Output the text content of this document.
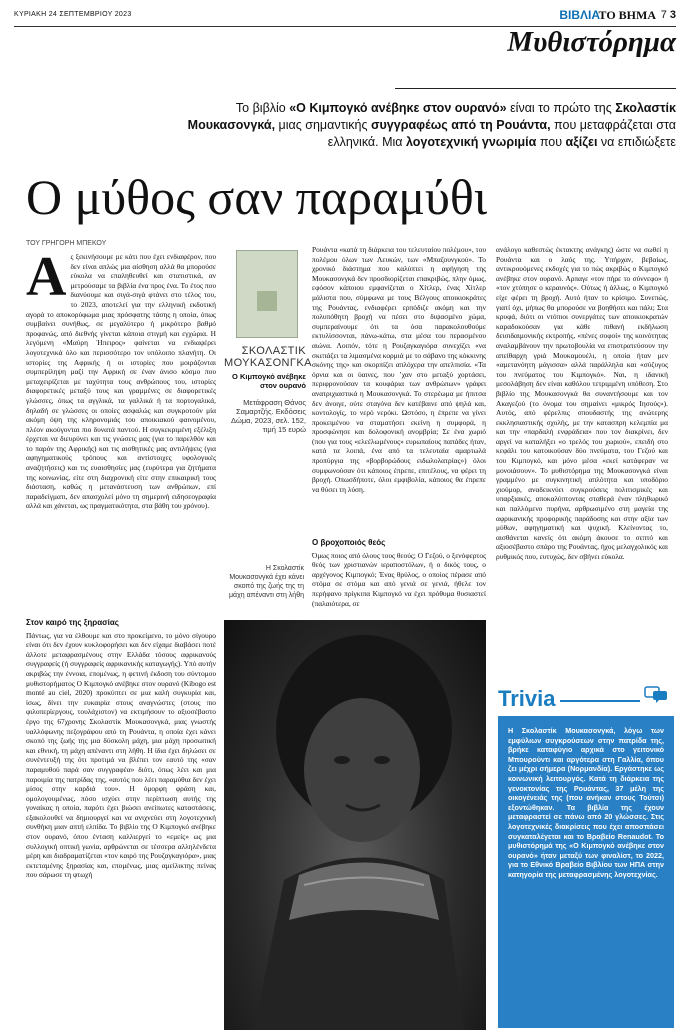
ΚΥΡΙΑΚΗ 24 ΣΕΠΤΕΜΒΡΙΟΥ 2023	ΒΙΒΛΙΑ
ΤΟ ΒΗΜΑ 7 3
Μυθιστόρημα
Το βιβλίο «Ο Κιμπογκό ανέβηκε στον ουρανό» είναι το πρώτο της Σκολαστίκ Μουκασονγκά, μιας σημαντικής συγγραφέως από τη Ρουάντα, που μεταφράζεται στα ελληνικά. Μια λογοτεχνική γνωριμία που αξίζει να επιδιώξετε
Ο μύθος σαν παραμύθι
ΤΟΥ ΓΡΗΓΟΡΗ ΜΠΕΚΟΥ
Ας ξεκινήσουμε με κάτι που έχει ενδιαφέρον, που δεν είναι απλώς μια αίσθηση αλλά θα μπορούσε εύκολα να επαληθευθεί και στατιστικά, αν μετρούσαμε τα βιβλία ένα προς ένα. Το έτος που διανύουμε και σιγά-σιγά φτάνει στο τέλος του, το 2023, αποτελεί για την ελληνική εκδοτική αγορά το αποκορύφωμα μιας πρόσφατης τάσης η οποία, όπως συμβαίνει συνήθως, σε μεγαλύτερο ή μικρότερο βαθμό προφανώς, από διεθνής γίνεται κάποια στιγμή και εγχώρια. Η λεγόμενη «Μαύρη Ήπειρος» φαίνεται να ενδιαφέρει λογοτεχνικά όλο και περισσότερο τον υπόλοιπο πλανήτη. Οι ιστορίες της Αφρικής ή οι ιστορίες που μοιράζονται συμπερίληψη μαζί την Αφρική σε έναν άνισο κόσμο που μεταχειρίζεται με ταχύτητα τους ανθρώπους του, ιστορίες διαφορετικές μεταξύ τους και γραμμένες σε διαφορετικές γλώσσες, όπως τα αγγλικά, τα γαλλικά ή τα πορτογαλικά, δηλαδή σε γλώσσες οι οποίες ασφαλώς και συγκροτούν μία ακόμη όψη της κληρονομιάς του αποικιακού φαινομένου, πλέον ακούγονται πιο δυνατά παντού. Η συγκεκριμένη εξέλιξη έρχεται να διευρύνει και τις γνώσεις μας (για το παρελθόν και το παρόν της Αφρικής) και τις αισθητικές μας αντιλήψεις (για αφηγηματικούς τρόπους και αντίστοιχες υφολογικές αναζητήσεις) και τις ευαισθησίες μας (ευρύτερα για ζητήματα της κοινωνίας, είτε στη διαχρονική είτε στην επικαιρική τους διάσταση, καθώς η μετανάστευση των ανθρώπων, επί παραδείγματι, δεν απασχολεί μόνο τη σημερινή ειδησεογραφία αλλά και χάνεται, ως πραγματικότητα, στα βάθη του χρόνου).
Στον καιρό της ξηρασίας
Πάντως, για να έλθουμε και στο προκείμενο, το μόνο σίγουρο είναι ότι δεν έχουν κυκλοφορήσει και δεν είχαμε διαβάσει ποτέ άλλοτε μεταφρασμένους στην Ελλάδα τόσους αφρικανούς συγγραφείς (ή συγγραφείς αφρικανικής καταγωγής). Υπό αυτήν ακριβώς την έννοια, επομένως, η φετινή έκδοση του σύντομου μυθιστορήματος Ο Κιμπογκό ανέβηκε στον ουρανό (Kibogo est monté au ciel, 2020) προκύπτει σε μια καλή συγκυρία και, ίσως, δίνει την ευκαιρία στους αναγνώστες (στους πιο φιλοπερίεργους, τουλάχιστον) να εκτιμήσουν το αξιοσέβαστο έργο της 67χρονης Σκολαστίκ Μουκασονγκά, μιας γνωστής υαλλόφωνης πεζογράφου από τη Ρουάντα, η οποία έχει κάνει σκοπό της ζωής της μια δύσκολη μάχη, μια μάχη προσωπική και εθνική, τη μάχη απέναντι στη λήθη. Η ίδια έχει δηλώσει σε συνέντευξή της ότι προτιμά να βλέπει τον εαυτό της «σαν παραμυθού παρά σαν συγγραφέα» διότι, όπως λέει και μια παροιμία της πατρίδας της, «αυτός που λέει παραμύθια δεν έχει μίσος στην καρδιά του». Η όμορφη φράση και, ομολογουμένως, πόσο ισχύει στην περίπτωση αυτής της γυναίκας η οποία, παρότι έχει βιώσει ανείπωτες καταστάσεις, εξακολουθεί να δημιουργεί και να ανιχνεύει στη λογοτεχνική συνθήκη μιαν απτή ελπίδα. Το βιβλίο της Ο Κιμπογκό ανέβηκε στον ουρανό, όπου ένταση καλλιεργεί το «εμείς» ως μια συλλογική οπτική γωνία, αρθρώνεται σε τέσσερα αλληλένδετα μέρη και διαδραματίζεται «τον καιρό της Ρουζαγκαγιόρα», μιας εκτεταμένης ξηρασίας και, επομένως, μιας αμείλικτης πείνας που σάρωσε τη φτωχή
ΣΚΟΛΑΣΤΙΚ ΜΟΥΚΑΣΟΝΓΚΑ
Ο Κιμπογκό ανέβηκε στον ουρανό
Μετάφραση Θάνος Σαμαρτζής. Εκδόσεις Δώμα, 2023, σελ. 152, τιμή 15 ευρώ
Η Σκολαστίκ Μουκασονγκά έχει κάνει σκοπό της ζωής της τη μάχη απέναντι στη λήθη
Ρουάντα «κατά τη διάρκεια του τελευταίου πολέμου», του πολέμου όλων των Λευκών, των «Μπαζουνγκού». Το χρονικό διάστημα που καλύπτει η αφήγηση της Μουκασονγκά δεν προσδιορίζεται επακριβώς, πλην όμως, εφόσον κάποιου εμφανίζεται ο Χίτλερ, ένας Χίτλερ μάλιστα που, σύμφωνα με τους Βέλγους αποικιοκράτες της Ρουάντας, ενδιαφέρει ερπόδιζε ακόμη και την πολυπόθητη βροχή να πέσει στο διψασμένο χώμα, συμπεραίνουμε ότι τα όσα παρακολουθούμε εκτυλίσσονται, πάνω-κάτω, στα μέσα του περασμένου αιώνα. Λοιπόν, τότε η Ρουζαγκαγιόρα συνεχίζει «να σκεπάζει τα λιμασμένα κορμιά με το σάβανο της κόκκινης σκόνης της» και σκορπίζει απλόχερα την απελπισία. «Τα όρνια και οι ύαινες, που ’χαν στο μεταξύ χορτάσει, περιφρονούσαν τα κουφάρια των ανθρώπων» γράφει ανατριχιαστικά η Μουκασονγκά. Το στερέωμα με ήπιτσα δεν άνοιγε, ούτε σταγόνα δεν κατέβαινε από ψηλά και, κοντολογίς, το νερό νερόκι. Ωστόσο, η έπρεπε να γίνει προκειμένου να σταματήσει εκείνη η συμφορά, η προσφώνησε και δολοφονική ανομβρία; Σε ένα χωριό (που για τους «ελεέλωμένους» ευρωπαίους παπάδες ήταν, κατά τα λοιπά, ένα από τα τελευταία αμαρτωλά προπύργια της «βορβορώδους ειδωλολατρίας») όλοι συμφωνούσαν ότι κάποιος έπρεπε, επιτέλους, να φέρει τη βροχή. Οπωσδήποτε, όλοι εμφιβολία, κάποιος θα έπρεπε να θύσει τη λύση.
Ο βροχοποιός θεός
Όμως ποιος από όλους τους θεούς; Ο Γεζού, ο ξενόφερτος θεός των χριστιανών ιεραποστόλων, ή ο δικός τους, ο αρχέγονος Κιμπογκό; Ένας θρύλος, ο οποίος πέρασε από στόμα σε στόμα και από γενιά σε γενιά, ήθελε τον περήφανο πρίγκιπα Κιμπογκό να έχει πρόθυμα θυσιαστεί (παλαιότερα, σε
ανάλογο καθεστώς έκτακτης ανάγκης) ώστε να σωθεί η Ρουάντα και ο λαός της. Υπήρχαν, βεβαίως, αντικρουόμενες εκδοχές για το πώς ακριβώς ο Κιμπογκό ανέβηκε στον ουρανό. Αρπαγε «τον πήρε το σύννεφο» ή «τον χτύπησε ο κεραυνός». Ούτως ή άλλως, ο Κιμπογκό είχε φέρει τη βροχή. Αυτό ήταν το κρίσιμο. Συνεπώς, γιατί όχι, μήπως θα μπορούσε να βοηθήσει και πάλι; Στα κρυφά, διότι οι ντόπιοι συνεργάτες των αποικιοκρατών καραδοκούσαν για κάθε πιθανή εκδήλωση δεισιδαιμονικής εκτροπής, «πένες σοφοί» της κοινότητας αναλαμβάνουν την πρωτοβουλία να επιστρατεύσουν την απείθαρχη γριά Μουκαμουέλι, η οποία ήταν μεν «αμετανόητη μάγισσα» αλλά παράλληλα και «σύζυγος του πνεύματος του Κιμπογκό». Ναι, η ιδανική μεσολάβηση δεν είναι καθόλου τετριμμένη υπόθεση. Στο βιβλίο της Μουκασονγκά θα συναντήσουμε και τον Ακαγεζού (το όνομα του σημαίνει «μικρός Ιησούς»). Αυτός, από φέρελπις σπουδαστής της ανώτερης εκκλησιαστικής σχολής, με την κατασπρη κελεμπία μα και την «παρδαλή ενφράδεια» που τον διακρίνει, δεν αργεί να καταλήξει «ο τρελός του χωριού», επειδή στο κεφάλι του κατοικούσαν δύο πνεύματα, του Γεζού και του Κιμπογκό, και μόνο μέσα «εκεί κατάφεραν να μονοιάσουν». Το μυθιστόρημα της Μουκασονγκά είναι γραμμένο με συγκινητική απλότητα και υποδόριο χιούμορ, αναδεικνύει συγκρούσεις πολιτισμικές και υπαρξιακές, αποκαλύπτοντας σταθερά έναν πληθωρικό και παλλόμενο πυρήνα, αρθρωσιμένο στη μαγεία της αφρικανικής προφορικής παράδοσης και στην αξία των μύθων, αφηγηματική και ψυχική. Κλείνοντας το, αισθάνεται κανείς ότι ακόμη άκουσε το σεπτό και αξιοσέβαστο σπάρο της Ρουάντας, ήχος μελαγχολικός και ρυθμικός που, ευτυχώς, δεν σβήνει εύκολα.
Trivia
Η Σκολαστίκ Μουκασονγκά, λόγω των εμφύλιων συγκρούσεων στην πατρίδα της, βρήκε καταφύγιο αρχικά στο γειτονικό Μπουρούντι και αργότερα στη Γαλλία, όπου ζει μέχρι σήμερα (Νορμανδία). Εργάστηκε ως κοινωνική λειτουργός. Κατά τη διάρκεια της γενοκτονίας της Ρουάντας, 37 μέλη της οικογένειάς της (που ανήκαν στους Τούτσι) εξοντώθηκαν. Τα βιβλία της έχουν μεταφραστεί σε πάνω από 20 γλώσσες. Στις λογοτεχνικές διακρίσεις που έχει αποσπάσει συγκαταλέγεται και το Βραβείο Renaudot. Το μυθιστόρημά της «Ο Κιμπογκό ανέβηκε στον ουρανό» ήταν μεταξύ των φιναλίστ, το 2022, για το Εθνικό Βραβείο Βιβλίου των ΗΠΑ στην κατηγορία της μεταφρασμένης λογοτεχνίας.
